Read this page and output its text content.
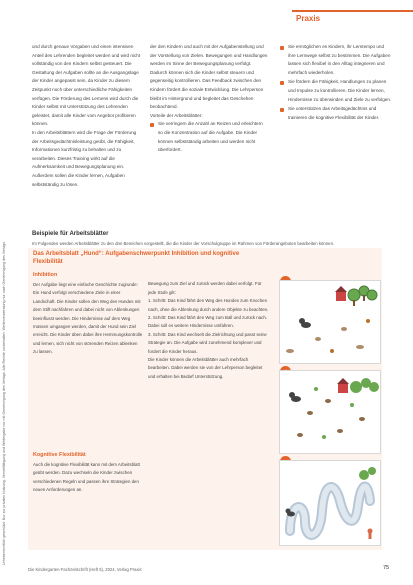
Urheberrechtlich geschützt. Nur zur privaten Nutzung. Vervielfältigung und Weitergabe nur mit Genehmigung des Verlags. Alle Rechte vorbehalten. Weiterverwendung nur nach Genehmigung des Verlags.
Praxis

und durch genaue Vorgaben und einen intensiven Anteil des Lehrenden begleitet werden und wird nicht vollständig von den Kindern selbst gesteuert. Die Gestaltung der Aufgaben sollte an die Ausgangslage der Kinder angepasst sein, da Kinder zu diesem Zeitpunkt noch über unterschiedliche Fähigkeiten verfügen. Die Förderung des Lernens wird durch die Kinder selbst mit Unterstützung des Lehrenden geleistet, damit alle Kinder vom Angebot profitieren können.

In den Arbeitsblättern wird die Frage der Förderung der Arbeitsgedächtnisleistung geübt, die Fähigkeit, Informationen kurzfristig zu behalten und zu verarbeiten. Dieses Training wirkt auf die Aufmerksamkeit und Bewegungsplanung ein. Außerdem sollen die Kinder lernen, Aufgaben selbstständig zu lösen.

der den Kindern und auch mit der Aufgabenstellung und der Vorstellung von Zielen. Bewegungen und Handlungen werden im Sinne der Bewegungsplanung verfolgt. Dadurch können sich die Kinder selbst steuern und gegenseitig kontrollieren. Das Feedback zwischen den Kindern fördert die soziale Entwicklung. Die Lehrperson bleibt im Hintergrund und begleitet das Geschehen beobachtend.

Vorteile der Arbeitsblätter:

Sie verringern die Anzahl an Reizen und erleichtern so die Konzentration auf die Aufgabe. Die Kinder können selbstständig arbeiten und werden nicht überfordert.
Sie ermöglichen es Kindern, ihr Lerntempo und ihre Lernwege selbst zu bestimmen. Die Aufgaben lassen sich flexibel in den Alltag integrieren und mehrfach wiederholen.
Sie fördern die Fähigkeit, Handlungen zu planen und Impulse zu kontrollieren. Die Kinder lernen, Hindernisse zu überwinden und Ziele zu verfolgen.
Sie unterstützen das Arbeitsgedächtnis und trainieren die kognitive Flexibilität der Kinder.
Beispiele für Arbeitsblätter
Im Folgenden werden Arbeitsblätter zu den drei Bereichen vorgestellt, die die Kinder der Vorschulgruppe im Rahmen von Förderangeboten bearbeiten können.
Das Arbeitsblatt „Hund“: Aufgabenschwerpunkt Inhibition und kognitive Flexibilität
Inhibition

Der Aufgabe liegt eine einfache Geschichte zugrunde: Ein Hund verfolgt verschiedene Ziele in einer Landschaft. Die Kinder sollen den Weg des Hundes mit dem Stift nachfahren und dabei nicht von Ablenkungen beeinflusst werden. Die Hindernisse auf dem Weg müssen umgangen werden, damit der Hund sein Ziel erreicht. Die Kinder üben dabei ihre Hemmungskontrolle und lernen, sich nicht von störenden Reizen ablenken zu lassen.

Kognitive Flexibilität

Auch die kognitive Flexibilität kann mit dem Arbeitsblatt geübt werden. Dazu wechseln die Kinder zwischen verschiedenen Regeln und passen ihre Strategien den neuen Anforderungen an.

Bewegung zum Ziel und zurück werden dabei verfolgt. Für jede Stufe gilt:
1. Schritt: Das Kind fährt den Weg des Hundes zum Knochen nach, ohne die Ablenkung durch andere Objekte zu beachten.
2. Schritt: Das Kind fährt den Weg zum Ball und zurück nach. Dabei soll es weitere Hindernisse umfahren.
3. Schritt: Das Kind wechselt die Zielrichtung und passt seine Strategie an. Die Aufgabe wird zunehmend komplexer und fordert die Kinder heraus.
Die Kinder können die Arbeitsblätter auch mehrfach bearbeiten. Dabei werden sie von der Lehrperson begleitet und erhalten bei Bedarf Unterstützung.

Die Kindergarten-Fachzeitschrift (Heft 5), 2024, Verlag Praxis	75
